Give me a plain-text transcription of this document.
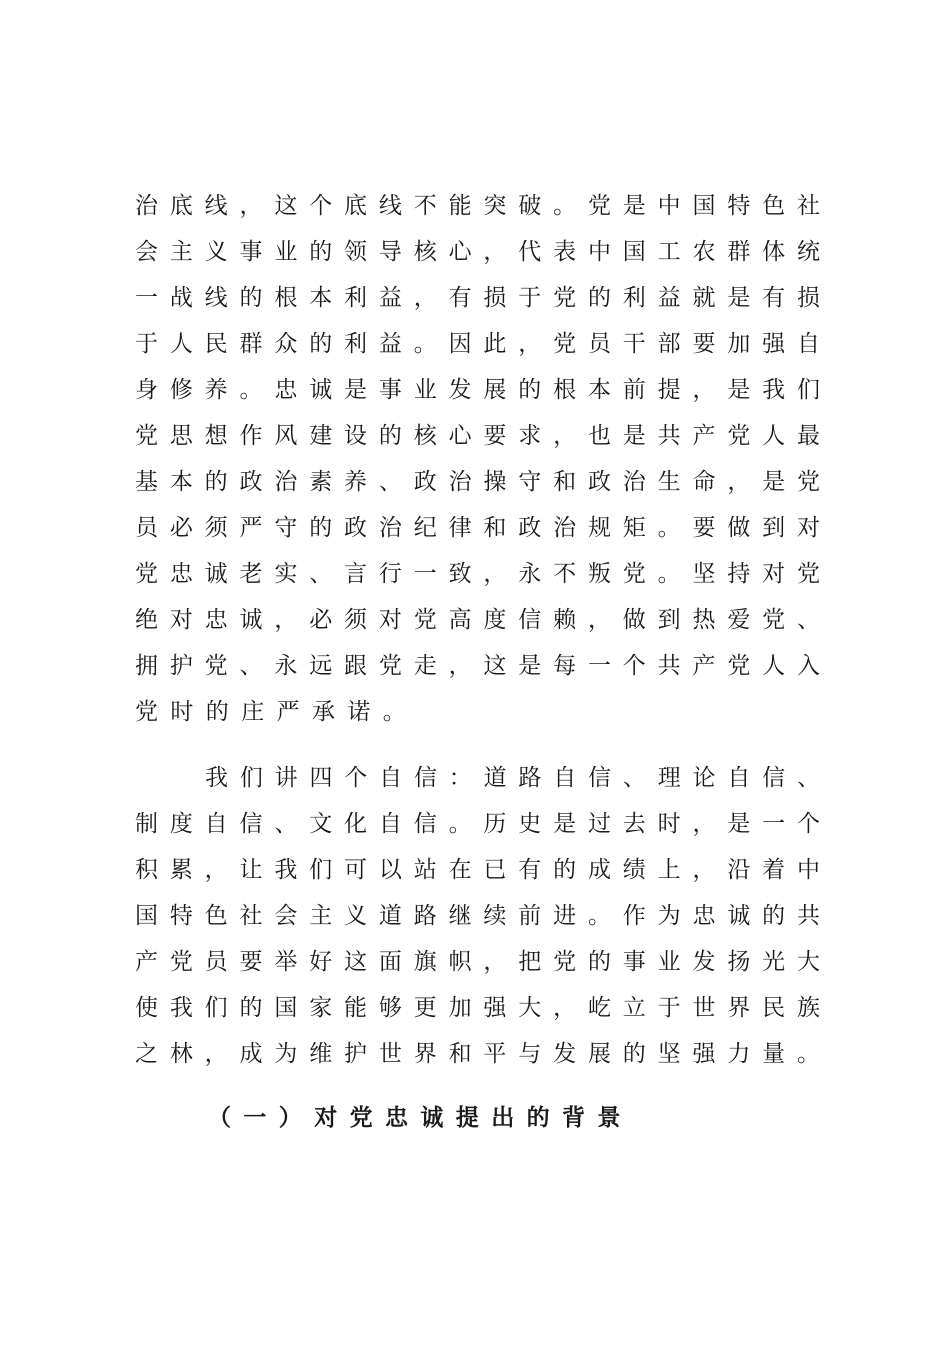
治底线，这个底线不能突破。党是中国特色社
会主义事业的领导核心，代表中国工农群体统
一战线的根本利益，有损于党的利益就是有损
于人民群众的利益。因此，党员干部要加强自
身修养。忠诚是事业发展的根本前提，是我们
党思想作风建设的核心要求，也是共产党人最
基本的政治素养、政治操守和政治生命，是党
员必须严守的政治纪律和政治规矩。要做到对
党忠诚老实、言行一致，永不叛党。坚持对党
绝对忠诚，必须对党高度信赖，做到热爱党、
拥护党、永远跟党走，这是每一个共产党人入
党时的庄严承诺。
我们讲四个自信：道路自信、理论自信、
制度自信、文化自信。历史是过去时，是一个
积累，让我们可以站在已有的成绩上，沿着中
国特色社会主义道路继续前进。作为忠诚的共
产党员要举好这面旗帜，把党的事业发扬光大
使我们的国家能够更加强大，屹立于世界民族
之林，成为维护世界和平与发展的坚强力量。
（一）对党忠诚提出的背景
